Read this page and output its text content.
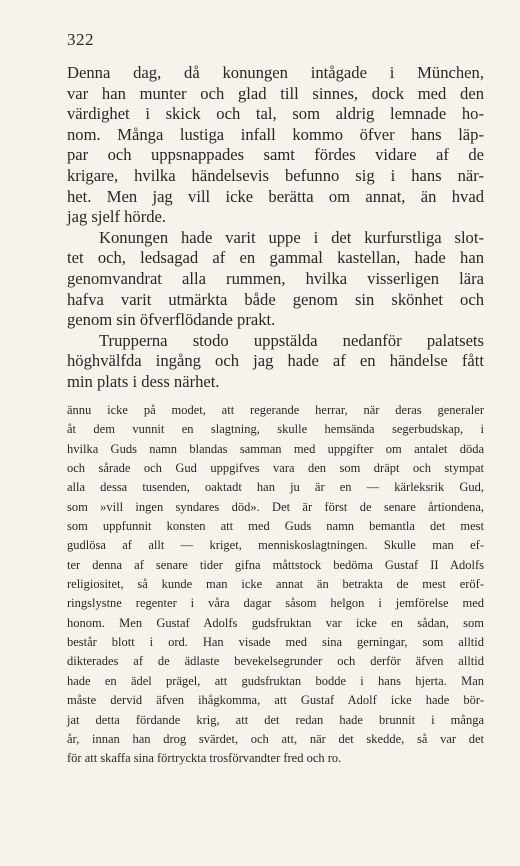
322
Denna dag, då konungen intågade i München,
var han munter och glad till sinnes, dock med den
värdighet i skick och tal, som aldrig lemnade ho-
nom. Många lustiga infall kommo öfver hans läp-
par och uppsnappades samt fördes vidare af de
krigare, hvilka händelsevis befunno sig i hans när-
het. Men jag vill icke berätta om annat, än hvad
jag sjelf hörde.
Konungen hade varit uppe i det kurfurstliga slot-
tet och, ledsagad af en gammal kastellan, hade han
genomvandrat alla rummen, hvilka visserligen lära
hafva varit utmärkta både genom sin skönhet och
genom sin öfverflödande prakt.
Trupperna stodo uppstälda nedanför palatsets
höghvälfda ingång och jag hade af en händelse fått
min plats i dess närhet.
ännu icke på modet, att regerande herrar, när deras generaler
åt dem vunnit en slagtning, skulle hemsända segerbudskap, i
hvilka Guds namn blandas samman med uppgifter om antalet döda
och sårade och Gud uppgifves vara den som dräpt och stympat
alla dessa tusenden, oaktadt han ju är en — kärleksrik Gud,
som »vill ingen syndares död». Det är först de senare årtiondena,
som uppfunnit konsten att med Guds namn bemantla det mest
gudlösa af allt — kriget, menniskoslagtningen. Skulle man ef-
ter denna af senare tider gifna måttstock bedöma Gustaf II Adolfs
religiositet, så kunde man icke annat än betrakta de mest eröf-
ringslystne regenter i våra dagar såsom helgon i jemförelse med
honom. Men Gustaf Adolfs gudsfruktan var icke en sådan, som
består blott i ord. Han visade med sina gerningar, som alltid
dikterades af de ädlaste bevekelsegrunder och derför äfven alltid
hade en ädel prägel, att gudsfruktan bodde i hans hjerta. Man
måste dervid äfven ihågkomma, att Gustaf Adolf icke hade bör-
jat detta fördande krig, att det redan hade brunnit i många
år, innan han drog svärdet, och att, när det skedde, så var det
för att skaffa sina förtryckta trosförvandter fred och ro.
